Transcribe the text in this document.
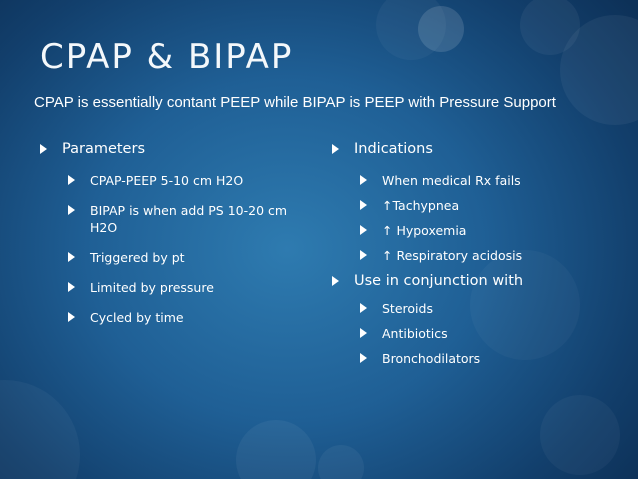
CPAP & BIPAP

CPAP is essentially contant PEEP while BIPAP is PEEP with Pressure Support

Parameters
CPAP-PEEP 5-10 cm H2O
BIPAP is when add PS 10-20 cm H2O
Triggered by pt
Limited by pressure
Cycled by time
Indications
When medical Rx fails
↑Tachypnea
↑ Hypoxemia
↑ Respiratory acidosis
Use in conjunction with
Steroids
Antibiotics
Bronchodilators
